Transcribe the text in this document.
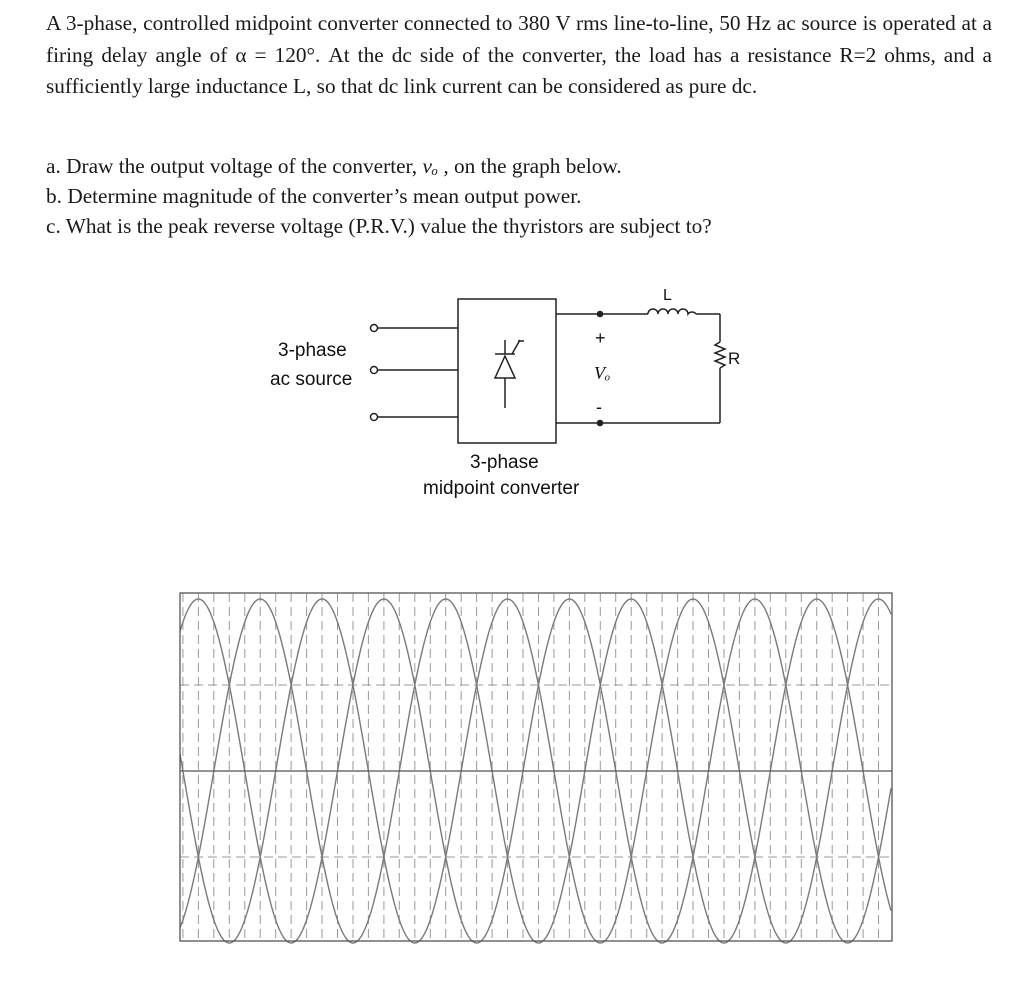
A 3-phase, controlled midpoint converter connected to 380 V rms line-to-line, 50 Hz ac source is operated at a firing delay angle of α = 120°. At the dc side of the converter, the load has a resistance R=2 ohms, and a sufficiently large inductance L, so that dc link current can be considered as pure dc.

a. Draw the output voltage of the converter, vₒ , on the graph below.
b. Determine magnitude of the converter’s mean output power.
c. What is the peak reverse voltage (P.R.V.) value the thyristors are subject to?
+
-
Vₒ
L
R
3-phase
ac source
3-phase
midpoint converter
